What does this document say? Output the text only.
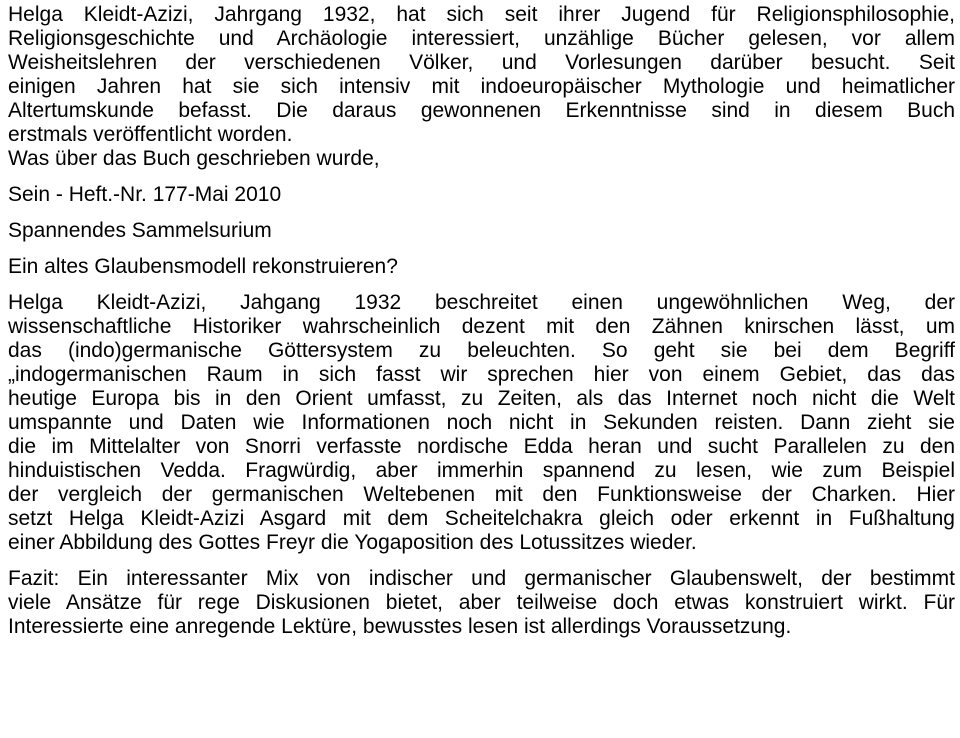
Helga Kleidt-Azizi, Jahrgang 1932, hat sich seit ihrer Jugend für Religionsphilosophie,
Religionsgeschichte und Archäologie interessiert, unzählige Bücher gelesen, vor allem
Weisheitslehren der verschiedenen Völker, und Vorlesungen darüber besucht. Seit
einigen Jahren hat sie sich intensiv mit indoeuropäischer Mythologie und heimatlicher
Altertumskunde befasst. Die daraus gewonnenen Erkenntnisse sind in diesem Buch
erstmals veröffentlicht worden.
Was über das Buch geschrieben wurde,
Sein - Heft.-Nr. 177-Mai 2010
Spannendes Sammelsurium
Ein altes Glaubensmodell rekonstruieren?
Helga Kleidt-Azizi, Jahgang 1932 beschreitet einen ungewöhnlichen Weg, der
wissenschaftliche Historiker wahrscheinlich dezent mit den Zähnen knirschen lässt, um
das (indo)germanische Göttersystem zu beleuchten. So geht sie bei dem Begriff
„indogermanischen Raum in sich fasst wir sprechen hier von einem Gebiet, das das
heutige Europa bis in den Orient umfasst, zu Zeiten, als das Internet noch nicht die Welt
umspannte und Daten wie Informationen noch nicht in Sekunden reisten. Dann zieht sie
die im Mittelalter von Snorri verfasste nordische Edda heran und sucht Parallelen zu den
hinduistischen Vedda. Fragwürdig, aber immerhin spannend zu lesen, wie zum Beispiel
der vergleich der germanischen Weltebenen mit den Funktionsweise der Charken. Hier
setzt Helga Kleidt-Azizi Asgard mit dem Scheitelchakra gleich oder erkennt in Fußhaltung
einer Abbildung des Gottes Freyr die Yogaposition des Lotussitzes wieder.
Fazit: Ein interessanter Mix von indischer und germanischer Glaubenswelt, der bestimmt
viele Ansätze für rege Diskusionen bietet, aber teilweise doch etwas konstruiert wirkt. Für
Interessierte eine anregende Lektüre, bewusstes lesen ist allerdings Voraussetzung.
